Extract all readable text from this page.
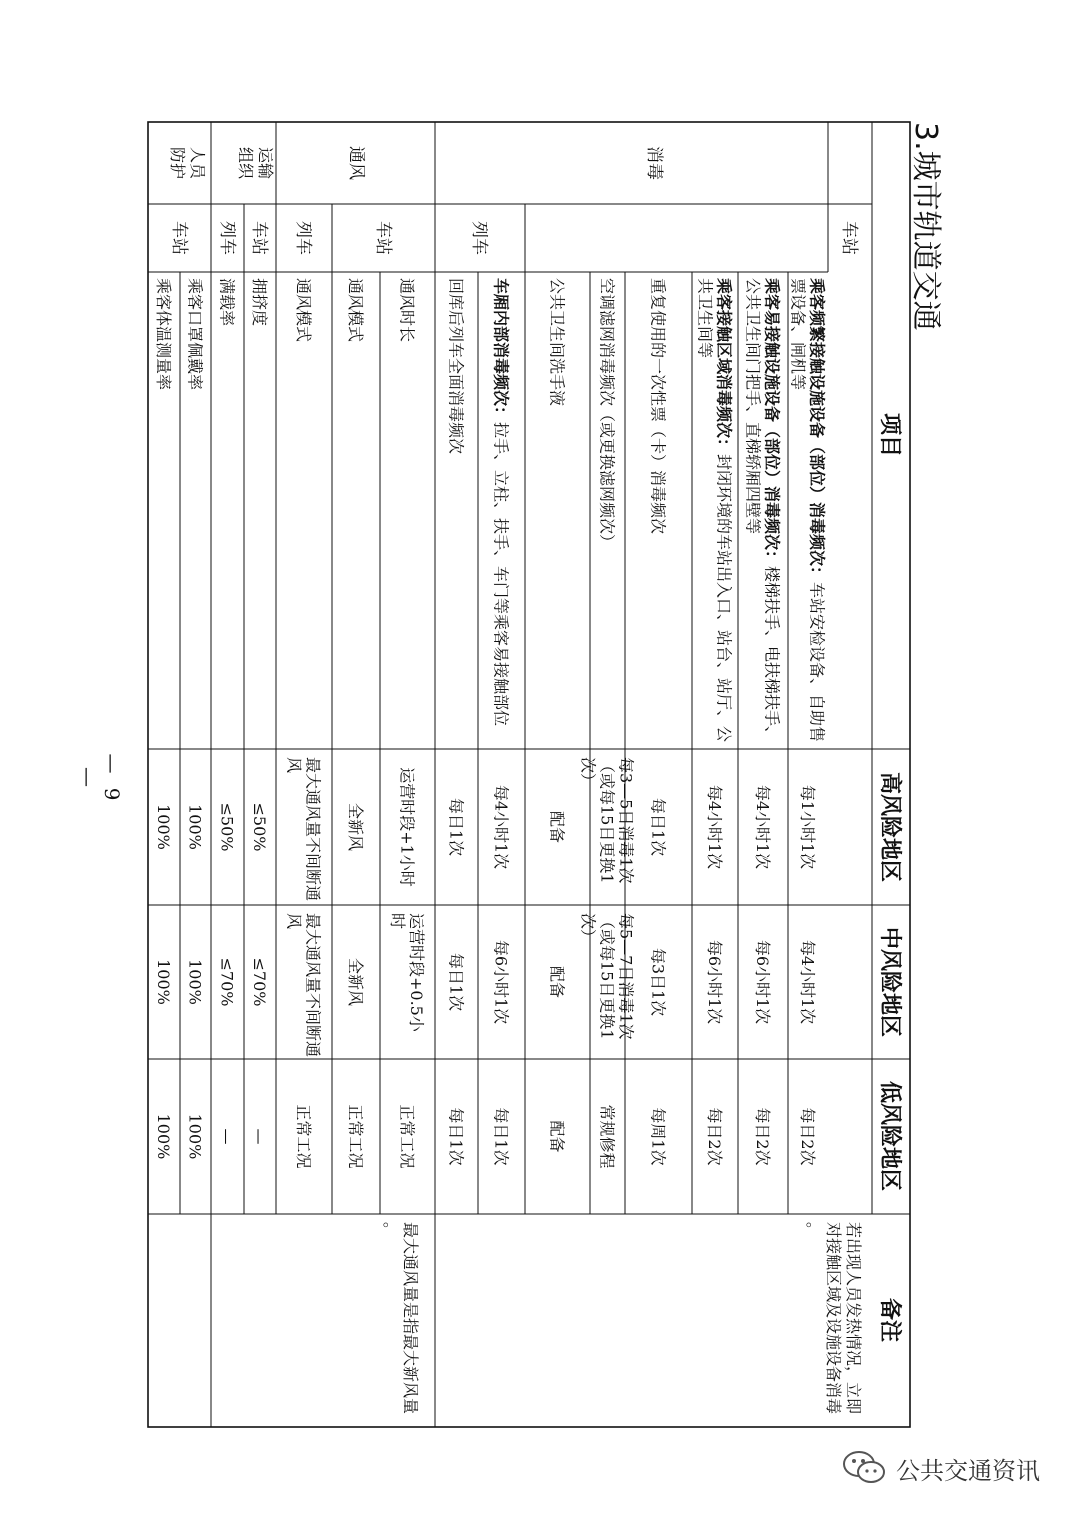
3.城市轨道交通
项目
高风险地区
中风险地区
低风险地区
备注
消毒
通风
运输组织
人员防护
车站
列车
车站
列车
车站
列车
车站
乘客频繁接触设施设备（部位）消毒频次：车站安检设备、自助售票设备、闸机等
每1小时1次
每4小时1次
每日2次
乘客易接触设施设备（部位）消毒频次：楼梯扶手、电扶梯扶手、公共卫生间门把手、直梯轿厢四壁等
每4小时1次
每6小时1次
每日2次
乘客接触区域消毒频次：封闭环境的车站出入口、站台、站厅、公共卫生间等
每4小时1次
每6小时1次
每日2次
重复使用的一次性票（卡）消毒频次
每日1次
每3日1次
每周1次
空调滤网消毒频次（或更换滤网频次）
每3—5日消毒1次（或每15日更换1次）
每5—7日消毒1次（或每15日更换1次）
常规修程
公共卫生间洗手液
配备
配备
配备
车厢内部消毒频次：拉手、立柱、扶手、车门等乘客易接触部位
每4小时1次
每6小时1次
每日1次
回库后列车全面消毒频次
每日1次
每日1次
每日1次
通风时长
运营时段+1小时
运营时段+0.5小时
正常工况
通风模式
全新风
全新风
正常工况
通风模式
最大通风量不间断通风
最大通风量不间断通风
正常工况
拥挤度
≤50%
≤70%
—
满载率
≤50%
≤70%
—
乘客口罩佩戴率
100%
100%
100%
乘客体温测量率
100%
100%
100%
若出现人员发热情况，立即对接触区域及设施设备消毒。
最大通风量是指最大新风量。
— 9 —
公共交通资讯
